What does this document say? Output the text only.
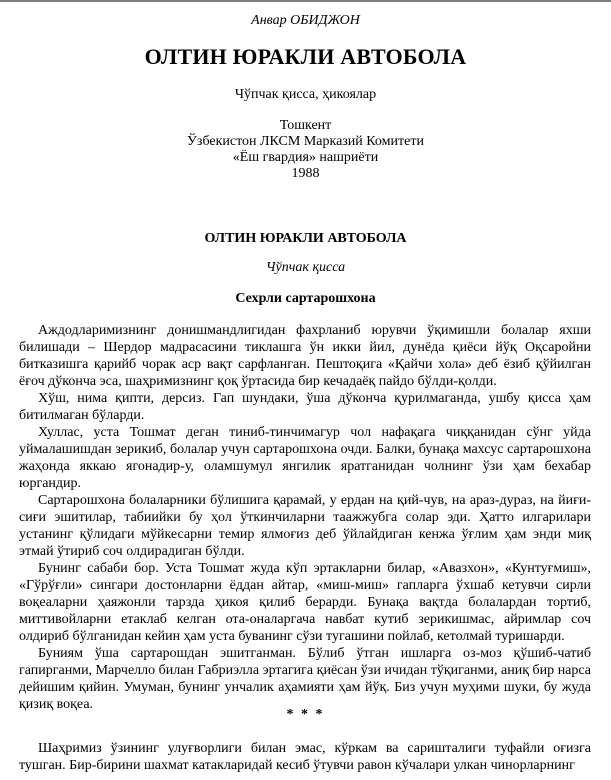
Анвар ОБИДЖОН
ОЛТИН ЮРАКЛИ АВТОБОЛА
Чўпчак қисса, ҳикоялар
Тошкент
Ўзбекистон ЛКСМ Марказий Комитети
«Ёш гвардия» нашриёти
1988
ОЛТИН ЮРАКЛИ АВТОБОЛА
Чўпчак қисса
Сехрли сартарошхона

Аждодларимизнинг донишмандлигидан фахрланиб юрувчи ўқимишли болалар яхши билишади – Шердор мадрасасини тиклашга ўн икки йил, дунёда қиёси йўқ Оқсаройни битказишга қарийб чорак аср вақт сарфланган. Пештоқига «Қайчи хола» деб ёзиб қўйилган ёғоч дўконча эса, шаҳримизнинг қоқ ўртасида бир кечадаёқ пайдо бўлди-қолди.

Хўш, нима қипти, дерсиз. Гап шундаки, ўша дўконча қурилмаганда, ушбу қисса ҳам битилмаган бўларди.

Хуллас, уста Тошмат деган тиниб-тинчимагур чол нафақага чиққанидан сўнг уйда уймалашишдан зерикиб, болалар учун сартарошхона очди. Балки, бунақа махсус сартарошхона жаҳонда яккаю ягонадир-у, оламшумул янгилик яратганидан чолнинг ўзи ҳам бехабар юргандир.

Сартарошхона болаларники бўлишига қарамай, у ердан на қий-чув, на араз-дураз, на йиғи-сиғи эшитилар, табиийки бу ҳол ўткинчиларни таажжубга солар эди. Ҳатто илгарилари устанинг қўлидаги мўйкесарни темир ялмоғиз деб ўйлайдиган кенжа ўғлим ҳам энди миқ этмай ўтириб соч олдирадиган бўлди.

Бунинг сабаби бор. Уста Тошмат жуда кўп эртакларни билар, «Авазхон», «Кунтуғмиш», «Гўрўғли» сингари достонларни ёддан айтар, «миш-миш» гапларга ўхшаб кетувчи сирли воқеаларни ҳаяжонли тарзда ҳикоя қилиб берарди. Бунақа вақтда болалардан тортиб, миттивойларни етаклаб келган ота-оналаргача навбат кутиб зерикишмас, айримлар соч олдириб бўлганидан кейин ҳам уста буванинг сўзи тугашини пойлаб, кетолмай туришарди.

Буниям ўша сартарошдан эшитганман. Бўлиб ўтган ишларга оз-моз қўшиб-чатиб гапирганми, Марчелло билан Габриэлла эртагига қиёсан ўзи ичидан тўқиганми, аниқ бир нарса дейишим қийин. Умуман, бунинг унчалик аҳамияти ҳам йўқ. Биз учун муҳими шуки, бу жуда қизиқ воқеа.

* * *

Шаҳримиз ўзининг улуғворлиги билан эмас, кўркам ва саришталиги туфайли оғизга тушган. Бир-бирини шахмат катакларидай кесиб ўтувчи равон кўчалари улкан чинорларнинг
